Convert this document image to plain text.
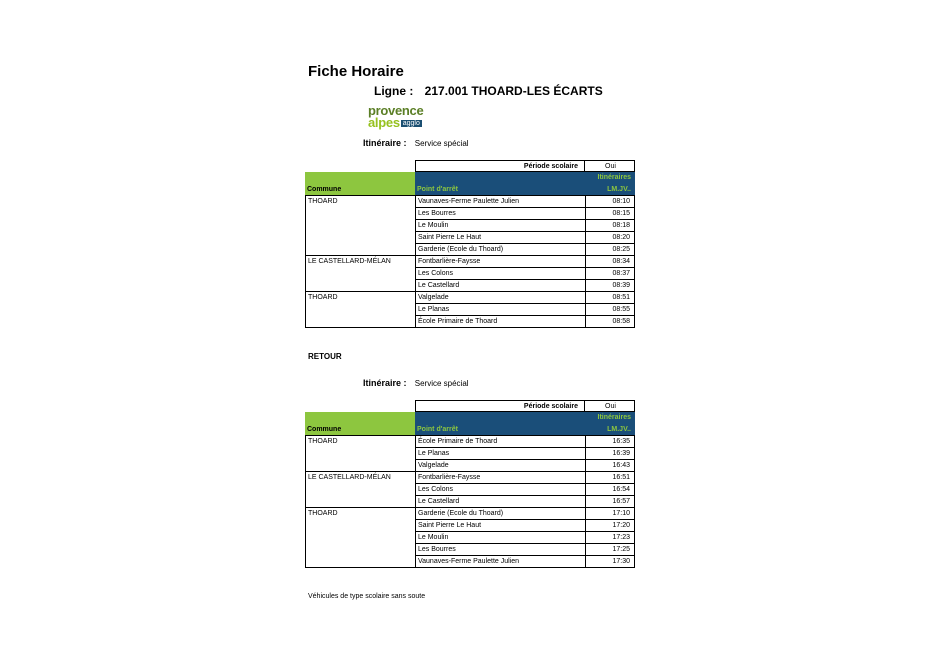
Fiche Horaire
Ligne : 217.001 THOARD-LES ÉCARTS
provence
alpes agglo
Itinéraire : Service spécial
Période scolaire	Oui
Itinéraires
Commune	Point d'arrêt	LM.JV..
THOARD	Vaunaves-Ferme Paulette Julien	08:10
Les Bourres	08:15
Le Moulin	08:18
Saint Pierre Le Haut	08:20
Garderie (Ecole du Thoard)	08:25
LE CASTELLARD-MÉLAN	Fontbarlière-Faysse	08:34
Les Colons	08:37
Le Castellard	08:39
THOARD	Valgelade	08:51
Le Planas	08:55
École Primaire de Thoard	08:58
RETOUR
Itinéraire : Service spécial
Période scolaire	Oui
Itinéraires
Commune	Point d'arrêt	LM.JV..
THOARD	École Primaire de Thoard	16:35
Le Planas	16:39
Valgelade	16:43
LE CASTELLARD-MÉLAN	Fontbarlière-Faysse	16:51
Les Colons	16:54
Le Castellard	16:57
THOARD	Garderie (Ecole du Thoard)	17:10
Saint Pierre Le Haut	17:20
Le Moulin	17:23
Les Bourres	17:25
Vaunaves-Ferme Paulette Julien	17:30
Véhicules de type scolaire sans soute
